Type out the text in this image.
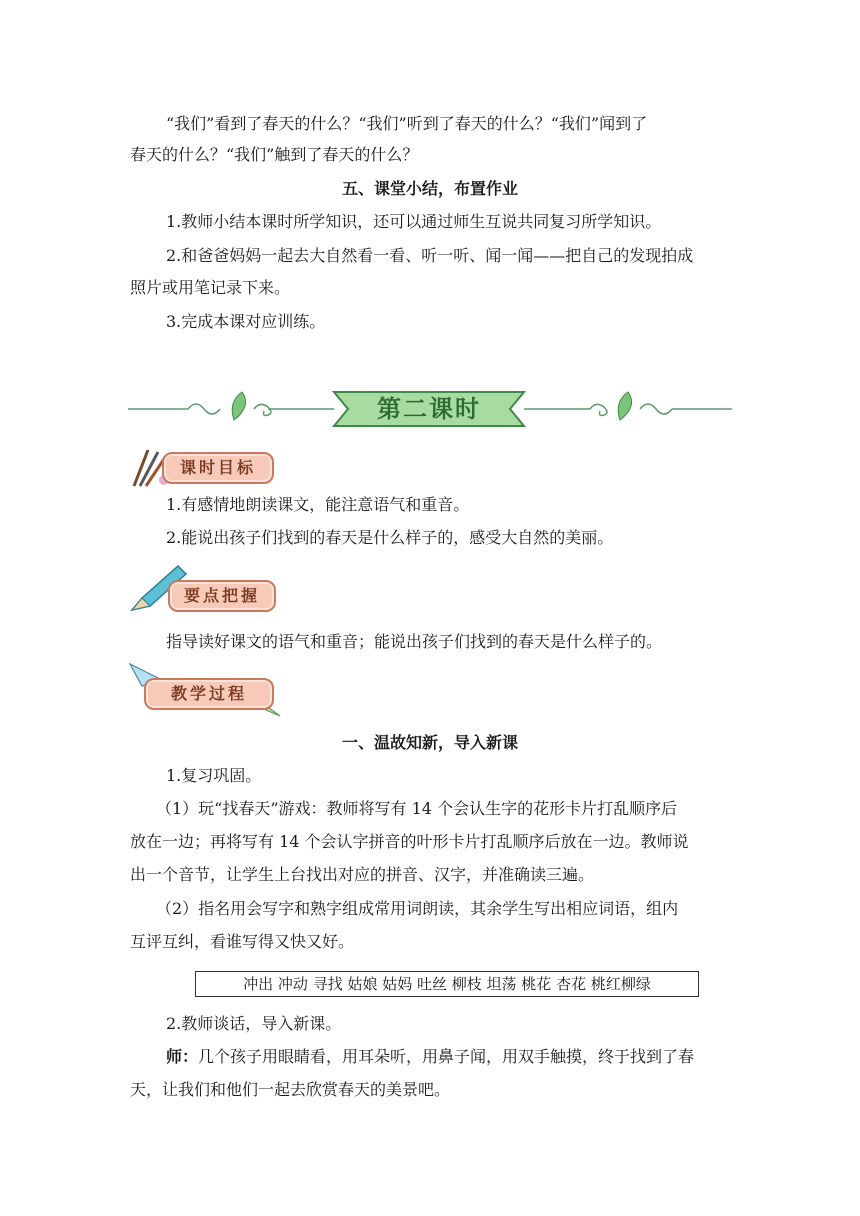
“我们”看到了春天的什么？“我们”听到了春天的什么？“我们”闻到了
春天的什么？“我们”触到了春天的什么？
五、课堂小结，布置作业
1.教师小结本课时所学知识，还可以通过师生互说共同复习所学知识。
2.和爸爸妈妈一起去大自然看一看、听一听、闻一闻——把自己的发现拍成
照片或用笔记录下来。
3.完成本课对应训练。
第二课时
课时目标
1.有感情地朗读课文，能注意语气和重音。
2.能说出孩子们找到的春天是什么样子的，感受大自然的美丽。
要点把握
指导读好课文的语气和重音；能说出孩子们找到的春天是什么样子的。
教学过程
一、温故知新，导入新课
1.复习巩固。
（1）玩“找春天”游戏：教师将写有 14 个会认生字的花形卡片打乱顺序后
放在一边；再将写有 14 个会认字拼音的叶形卡片打乱顺序后放在一边。教师说
出一个音节，让学生上台找出对应的拼音、汉字，并准确读三遍。
（2）指名用会写字和熟字组成常用词朗读，其余学生写出相应词语，组内
互评互纠，看谁写得又快又好。
冲出 冲动 寻找 姑娘 姑妈 吐丝 柳枝 坦荡 桃花 杏花 桃红柳绿
2.教师谈话，导入新课。
师：几个孩子用眼睛看，用耳朵听，用鼻子闻，用双手触摸，终于找到了春
天，让我们和他们一起去欣赏春天的美景吧。
